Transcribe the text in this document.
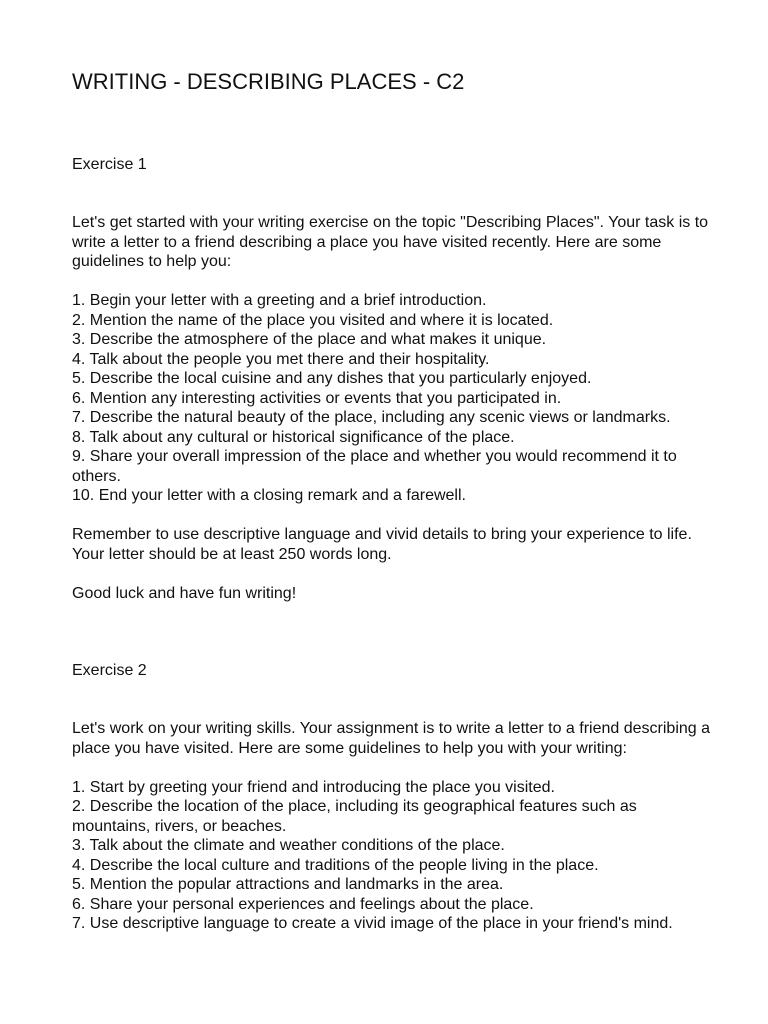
WRITING - DESCRIBING PLACES - C2

Exercise 1

Let's get started with your writing exercise on the topic "Describing Places". Your task is to write a letter to a friend describing a place you have visited recently. Here are some guidelines to help you:

1. Begin your letter with a greeting and a brief introduction.
2. Mention the name of the place you visited and where it is located.
3. Describe the atmosphere of the place and what makes it unique.
4. Talk about the people you met there and their hospitality.
5. Describe the local cuisine and any dishes that you particularly enjoyed.
6. Mention any interesting activities or events that you participated in.
7. Describe the natural beauty of the place, including any scenic views or landmarks.
8. Talk about any cultural or historical significance of the place.
9. Share your overall impression of the place and whether you would recommend it to others.
10. End your letter with a closing remark and a farewell.

Remember to use descriptive language and vivid details to bring your experience to life. Your letter should be at least 250 words long.

Good luck and have fun writing!

Exercise 2

Let's work on your writing skills. Your assignment is to write a letter to a friend describing a place you have visited. Here are some guidelines to help you with your writing:

1. Start by greeting your friend and introducing the place you visited.
2. Describe the location of the place, including its geographical features such as mountains, rivers, or beaches.
3. Talk about the climate and weather conditions of the place.
4. Describe the local culture and traditions of the people living in the place.
5. Mention the popular attractions and landmarks in the area.
6. Share your personal experiences and feelings about the place.
7. Use descriptive language to create a vivid image of the place in your friend's mind.
